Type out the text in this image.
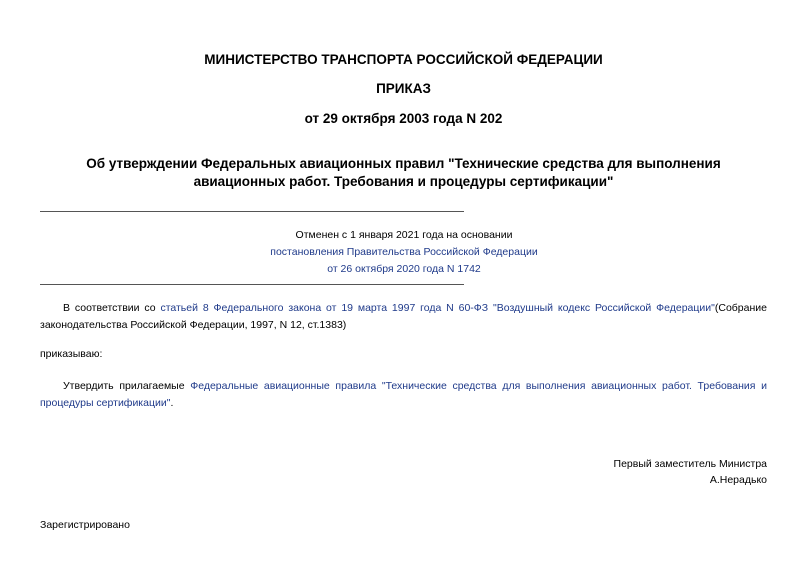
МИНИСТЕРСТВО ТРАНСПОРТА РОССИЙСКОЙ ФЕДЕРАЦИИ
ПРИКАЗ
от 29 октября 2003 года N 202
Об утверждении Федеральных авиационных правил "Технические средства для выполнения авиационных работ. Требования и процедуры сертификации"
Отменен с 1 января 2021 года на основании
постановления Правительства Российской Федерации
от 26 октября 2020 года N 1742
В соответствии со статьей 8 Федерального закона от 19 марта 1997 года N 60-ФЗ "Воздушный кодекс Российской Федерации"(Собрание законодательства Российской Федерации, 1997, N 12, ст.1383)
приказываю:
Утвердить прилагаемые Федеральные авиационные правила "Технические средства для выполнения авиационных работ. Требования и процедуры сертификации".
Первый заместитель Министра
А.Нерадько
Зарегистрировано
